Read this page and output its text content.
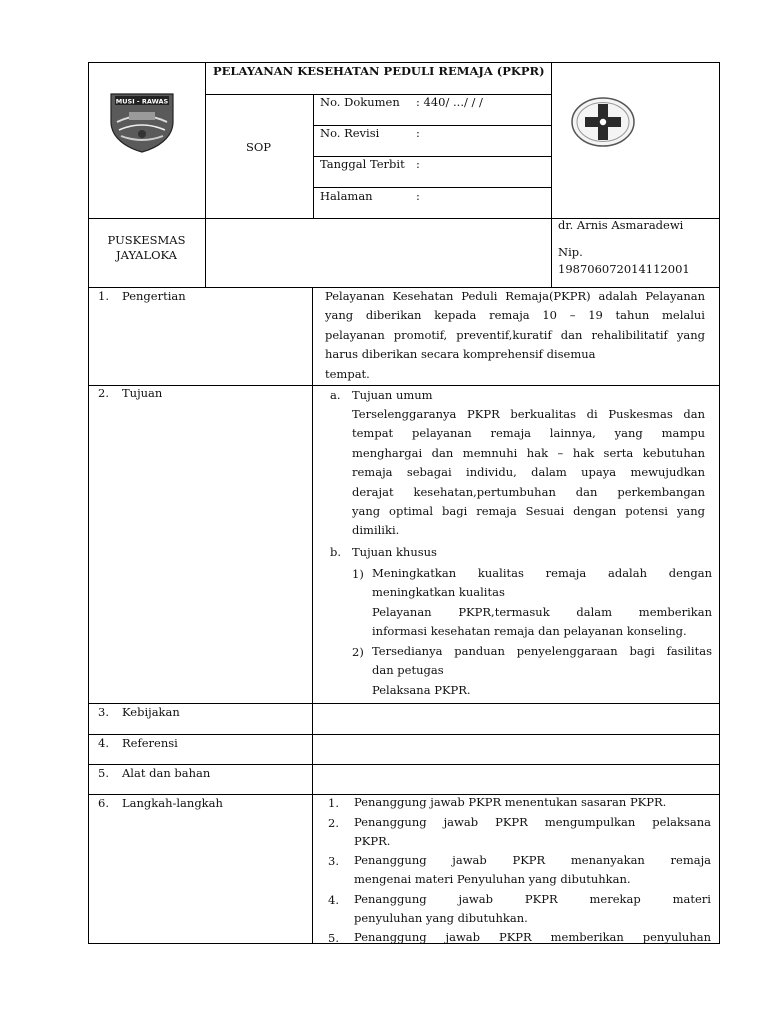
MUSI - RAWAS
PELAYANAN KESEHATAN PEDULI REMAJA (PKPR)
SOP
No. Dokumen : 440/ .../ / /
No. Revisi	:
Tanggal Terbit :
Halaman	:
PUSKESMAS
JAYALOKA
dr. Arnis Asmaradewi
Nip.
198706072014112001
1. Pengertian	Pelayanan Kesehatan Peduli Remaja(PKPR) adalah Pelayanan

yang diberikan kepada remaja 10 – 19 tahun melalui

pelayanan promotif, preventif,kuratif dan rehalibilitatif yang

harus diberikan secara komprehensif disemua

tempat.

2. Tujuan	a. Tujuan umum

Terselenggaranya PKPR berkualitas di Puskesmas dan

tempat pelayanan remaja lainnya, yang mampu

menghargai dan memnuhi hak – hak serta kebutuhan

remaja sebagai individu, dalam upaya mewujudkan

derajat kesehatan,pertumbuhan dan perkembangan

yang optimal bagi remaja Sesuai dengan potensi yang

dimiliki.

b. Tujuan khusus
1) Meningkatkan kualitas remaja adalah dengan

meningkatkan kualitas

Pelayanan PKPR,termasuk dalam memberikan

informasi kesehatan remaja dan pelayanan konseling.

2) Tersedianya panduan penyelenggaraan bagi fasilitas

dan petugas

Pelaksana PKPR.

3. Kebijakan
4. Referensi
5. Alat dan bahan
6. Langkah-langkah	1. Penanggung jawab PKPR menentukan sasaran PKPR.

2. Penanggung jawab PKPR mengumpulkan pelaksana

PKPR.

3. Penanggung jawab PKPR menanyakan remaja

mengenai materi Penyuluhan yang dibutuhkan.

4. Penanggung jawab PKPR merekap materi

penyuluhan yang dibutuhkan.

5. Penanggung jawab PKPR memberikan penyuluhan
